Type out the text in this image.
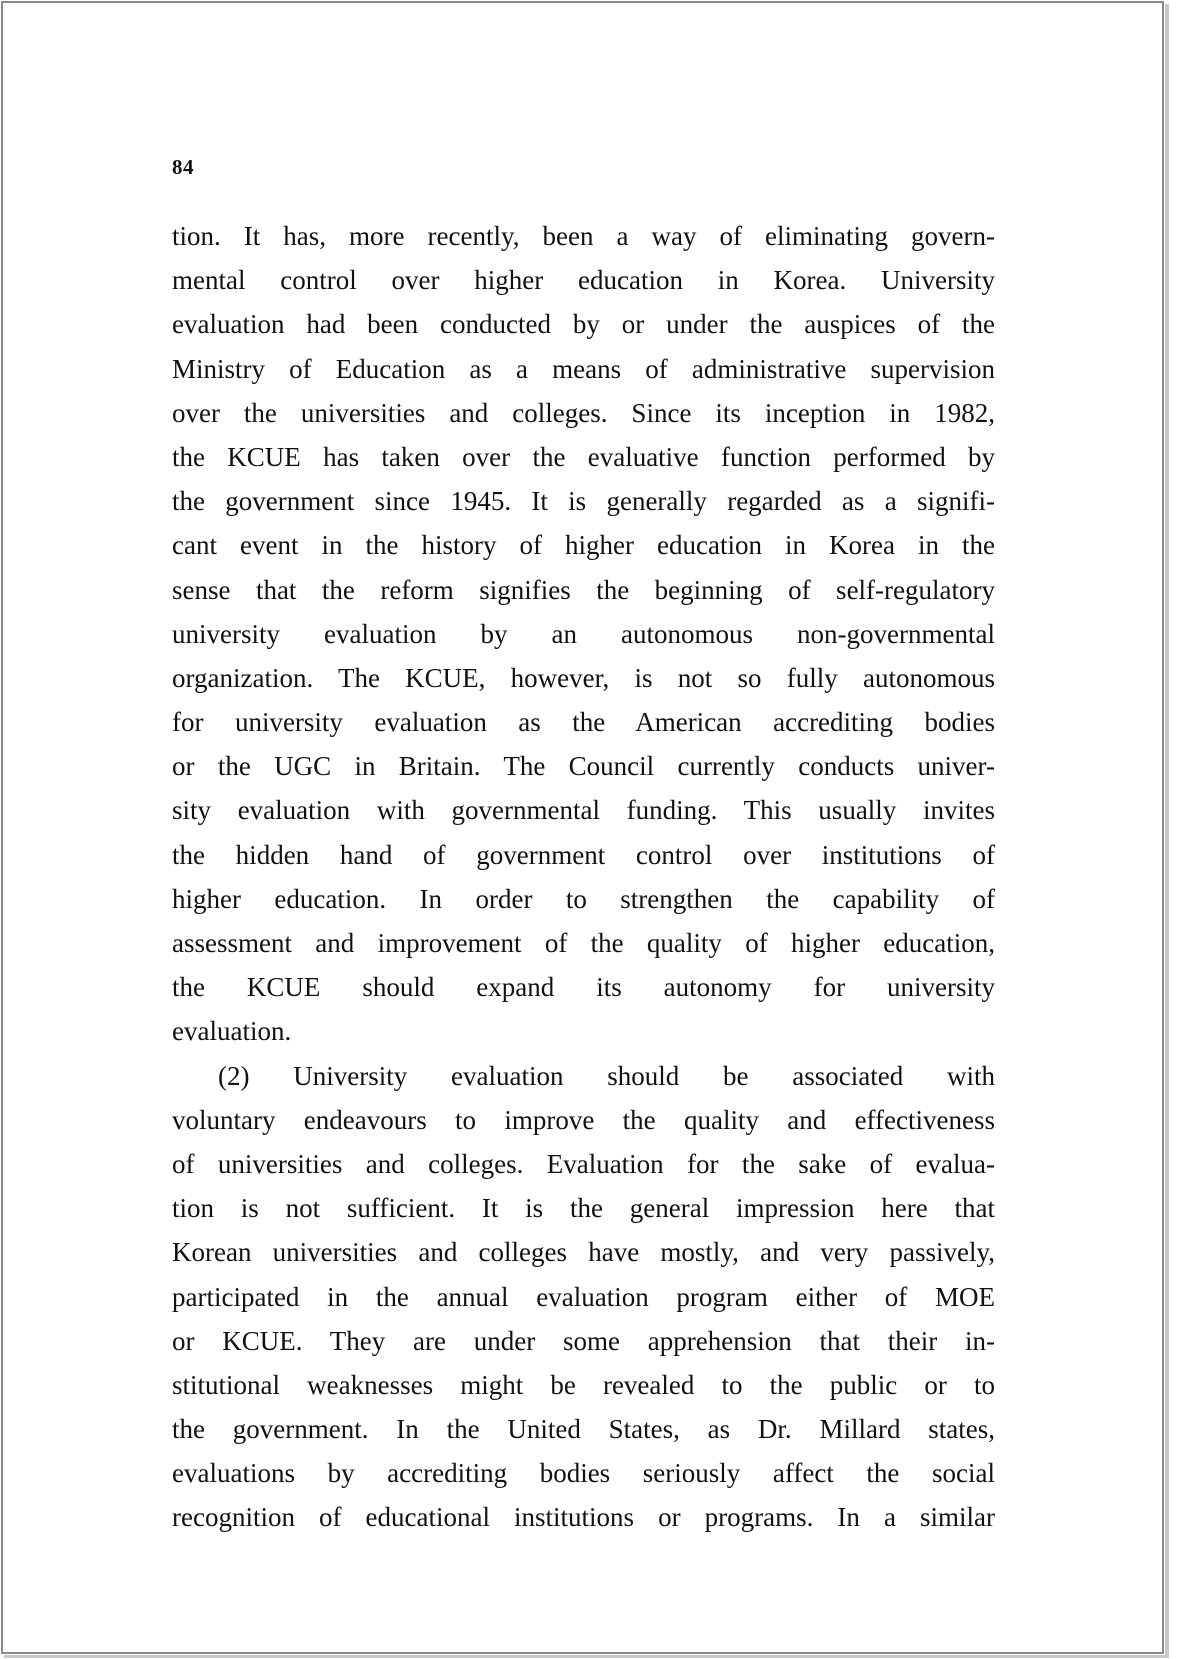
84
tion. It has, more recently, been a way of eliminating govern-
mental control over higher education in Korea. University
evaluation had been conducted by or under the auspices of the
Ministry of Education as a means of administrative supervision
over the universities and colleges. Since its inception in 1982,
the KCUE has taken over the evaluative function performed by
the government since 1945. It is generally regarded as a signifi-
cant event in the history of higher education in Korea in the
sense that the reform signifies the beginning of self-regulatory
university evaluation by an autonomous non-governmental
organization. The KCUE, however, is not so fully autonomous
for university evaluation as the American accrediting bodies
or the UGC in Britain. The Council currently conducts univer-
sity evaluation with governmental funding. This usually invites
the hidden hand of government control over institutions of
higher education. In order to strengthen the capability of
assessment and improvement of the quality of higher education,
the KCUE should expand its autonomy for university
evaluation.
(2) University evaluation should be associated with
voluntary endeavours to improve the quality and effectiveness
of universities and colleges. Evaluation for the sake of evalua-
tion is not sufficient. It is the general impression here that
Korean universities and colleges have mostly, and very passively,
participated in the annual evaluation program either of MOE
or KCUE. They are under some apprehension that their in-
stitutional weaknesses might be revealed to the public or to
the government. In the United States, as Dr. Millard states,
evaluations by accrediting bodies seriously affect the social
recognition of educational institutions or programs. In a similar
